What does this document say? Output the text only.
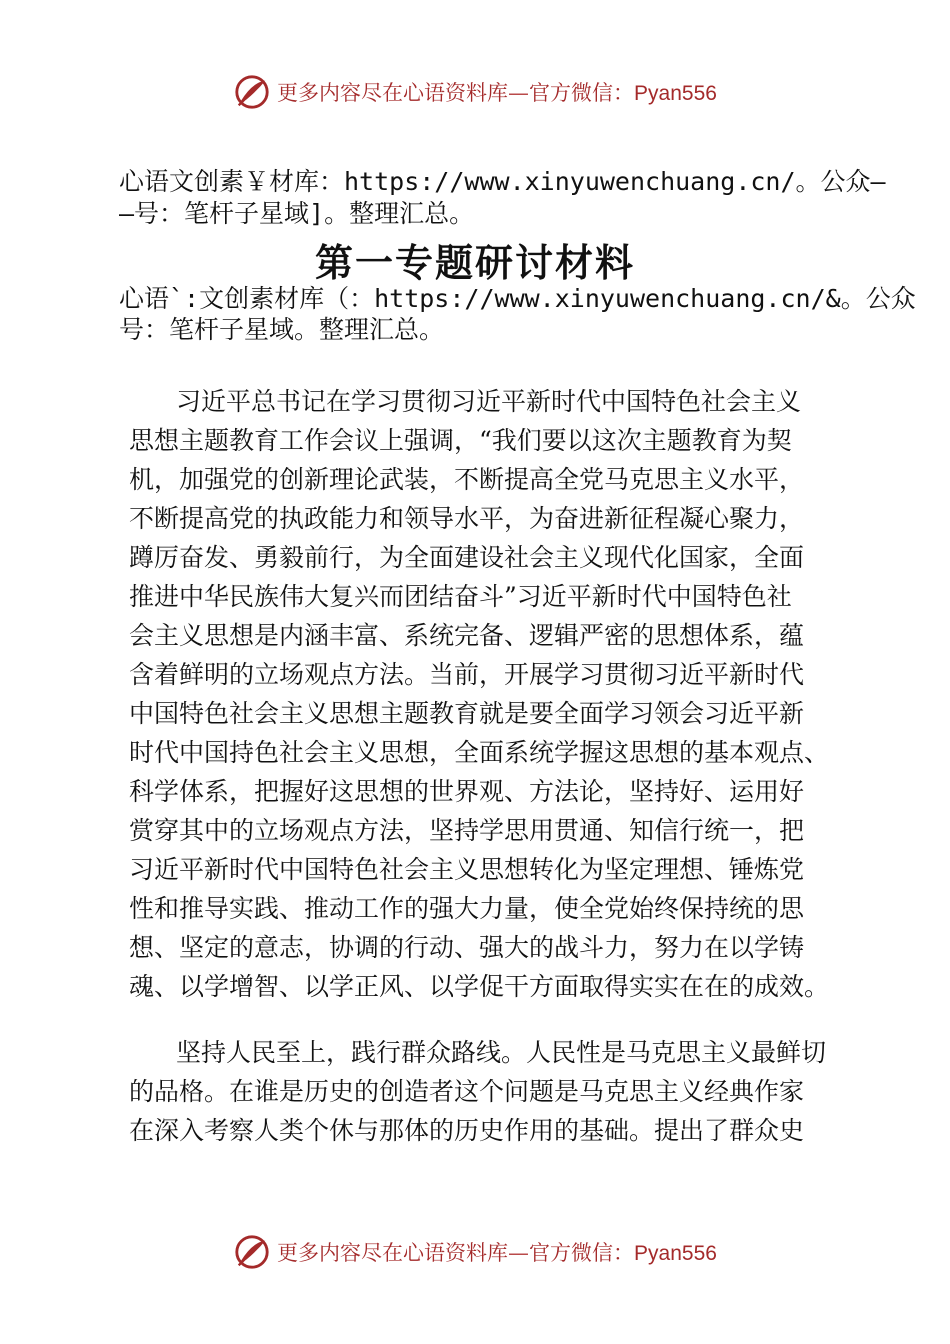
更多内容尽在心语资料库—官方微信：Pyan556
心语文创素￥材库：https://www.xinyuwenchuang.cn/。公众—
—号：笔杆子星域]。整理汇总。
第一专题研讨材料
心语`:文创素材库（：https://www.xinyuwenchuang.cn/&。公众
号：笔杆子星域。整理汇总。
习近平总书记在学习贯彻习近平新时代中国特色社会主义
思想主题教育工作会议上强调，“我们要以这次主题教育为契
机，加强党的创新理论武装，不断提高全党马克思主义水平，
不断提高党的执政能力和领导水平，为奋进新征程凝心聚力，
蹲厉奋发、勇毅前行，为全面建设社会主义现代化国家，全面
推进中华民族伟大复兴而团结奋斗”习近平新时代中国特色社
会主义思想是内涵丰富、系统完备、逻辑严密的思想体系，蕴
含着鲜明的立场观点方法。当前，开展学习贯彻习近平新时代
中国特色社会主义思想主题教育就是要全面学习领会习近平新
时代中国持色社会主义思想，全面系统学握这思想的基本观点、
科学体系，把握好这思想的世界观、方法论，坚持好、运用好
赏穿其中的立场观点方法，坚持学思用贯通、知信行统一，把
习近平新时代中国特色社会主义思想转化为坚定理想、锤炼党
性和推导实践、推动工作的强大力量，使全党始终保持统的思
想、坚定的意志，协调的行动、强大的战斗力，努力在以学铸
魂、以学增智、以学正风、以学促干方面取得实实在在的成效。
坚持人民至上，践行群众路线。人民性是马克思主义最鲜切
的品格。在谁是历史的创造者这个问题是马克思主义经典作家
在深入考察人类个休与那体的历史作用的基础。提出了群众史
更多内容尽在心语资料库—官方微信：Pyan556
